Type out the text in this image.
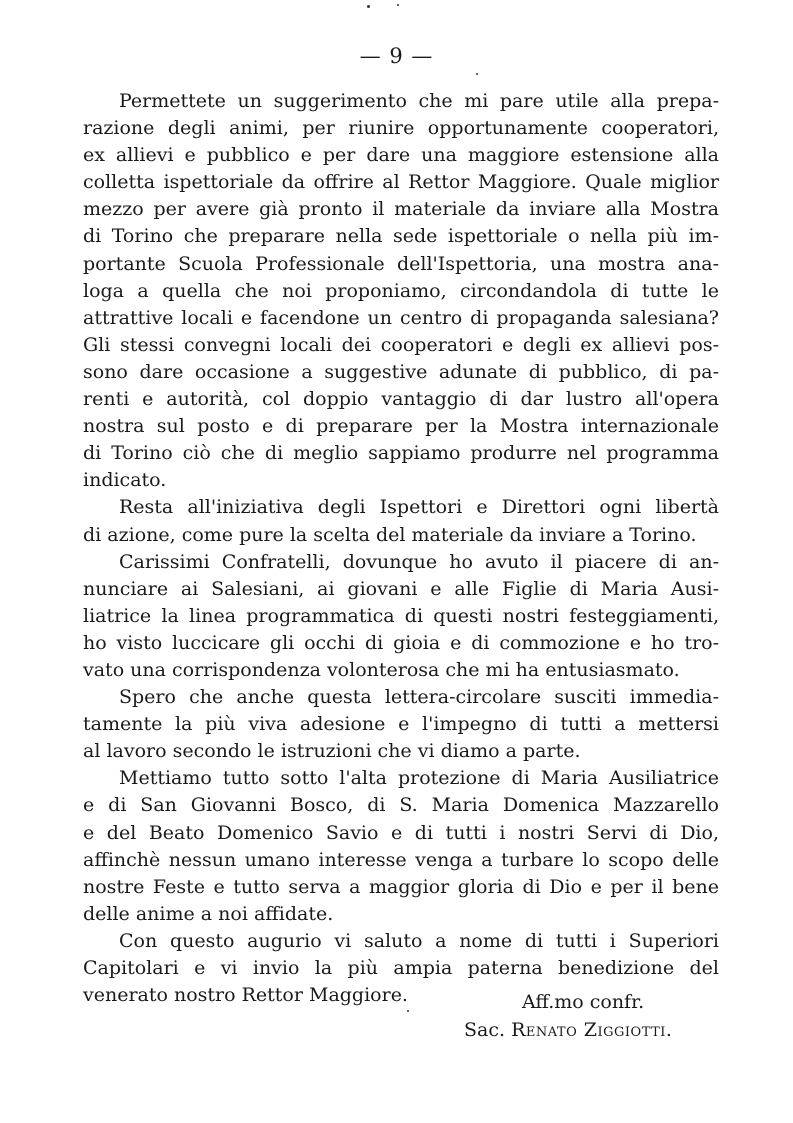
— 9 —
Permettete un suggerimento che mi pare utile alla prepa-
razione degli animi, per riunire opportunamente cooperatori,
ex allievi e pubblico e per dare una maggiore estensione alla
colletta ispettoriale da offrire al Rettor Maggiore. Quale miglior
mezzo per avere già pronto il materiale da inviare alla Mostra
di Torino che preparare nella sede ispettoriale o nella più im-
portante Scuola Professionale dell'Ispettoria, una mostra ana-
loga a quella che noi proponiamo, circondandola di tutte le
attrattive locali e facendone un centro di propaganda salesiana?
Gli stessi convegni locali dei cooperatori e degli ex allievi pos-
sono dare occasione a suggestive adunate di pubblico, di pa-
renti e autorità, col doppio vantaggio di dar lustro all'opera
nostra sul posto e di preparare per la Mostra internazionale
di Torino ciò che di meglio sappiamo produrre nel programma
indicato.
Resta all'iniziativa degli Ispettori e Direttori ogni libertà
di azione, come pure la scelta del materiale da inviare a Torino.
Carissimi Confratelli, dovunque ho avuto il piacere di an-
nunciare ai Salesiani, ai giovani e alle Figlie di Maria Ausi-
liatrice la linea programmatica di questi nostri festeggiamenti,
ho visto luccicare gli occhi di gioia e di commozione e ho tro-
vato una corrispondenza volonterosa che mi ha entusiasmato.
Spero che anche questa lettera-circolare susciti immedia-
tamente la più viva adesione e l'impegno di tutti a mettersi
al lavoro secondo le istruzioni che vi diamo a parte.
Mettiamo tutto sotto l'alta protezione di Maria Ausiliatrice
e di San Giovanni Bosco, di S. Maria Domenica Mazzarello
e del Beato Domenico Savio e di tutti i nostri Servi di Dio,
affinchè nessun umano interesse venga a turbare lo scopo delle
nostre Feste e tutto serva a maggior gloria di Dio e per il bene
delle anime a noi affidate.
Con questo augurio vi saluto a nome di tutti i Superiori
Capitolari e vi invio la più ampia paterna benedizione del
venerato nostro Rettor Maggiore.	Aff.mo confr.
Sac. Renato Ziggiotti.
